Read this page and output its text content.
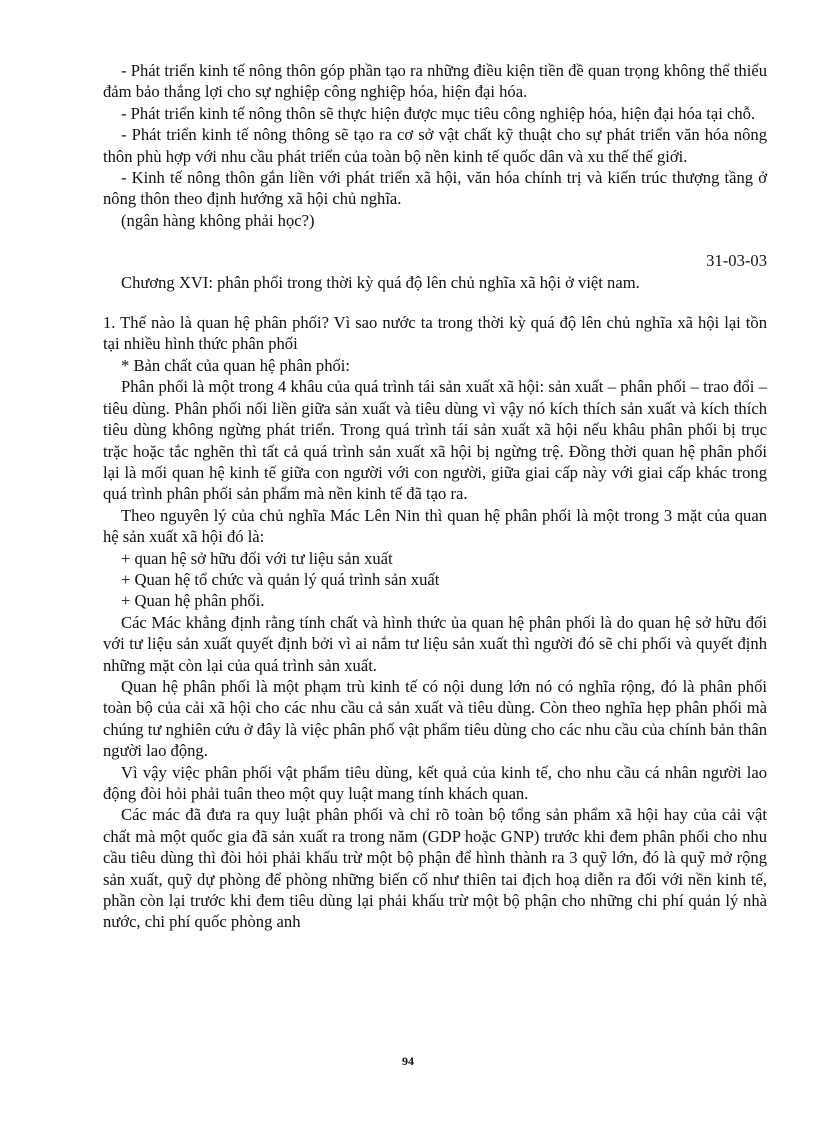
- Phát triển kinh tế nông thôn góp phần tạo ra những điều kiện tiền đề quan trọng không thể thiếu đảm bảo thắng lợi cho sự nghiệp công nghiệp hóa, hiện đại hóa.

- Phát triển kinh tế nông thôn sẽ thực hiện được mục tiêu công nghiệp hóa, hiện đại hóa tại chỗ.

- Phát triển kinh tế nông thông sẽ tạo ra cơ sở vật chất kỹ thuật cho sự phát triển văn hóa nông thôn phù hợp với nhu cầu phát triển của toàn bộ nền kinh tế quốc dân và xu thế thế giới.

- Kinh tế nông thôn gắn liền với phát triển xã hội, văn hóa chính trị và kiến trúc thượng tầng ở nông thôn theo định hướng xã hội chủ nghĩa.

(ngân hàng không phải học?)

31-03-03

Chương XVI: phân phối trong thời kỳ quá độ lên chủ nghĩa xã hội ở việt nam.

1. Thế nào là quan hệ phân phối? Vì sao nước ta trong thời kỳ quá độ lên chủ nghĩa xã hội lại tồn tại nhiều hình thức phân phối

* Bản chất của quan hệ phân phối:

Phân phối là một trong 4 khâu của quá trình tái sản xuất xã hội: sản xuất – phân phối – trao đổi – tiêu dùng. Phân phối nối liền giữa sản xuất và tiêu dùng vì vậy nó kích thích sản xuất và kích thích tiêu dùng không ngừng phát triển. Trong quá trình tái sản xuất xã hội nếu khâu phân phối bị trục trặc hoặc tắc nghẽn thì tất cả quá trình sản xuất xã hội bị ngừng trệ. Đồng thời quan hệ phân phối lại là mối quan hệ kinh tế giữa con người với con người, giữa giai cấp này với giai cấp khác trong quá trình phân phối sản phẩm mà nền kinh tế đã tạo ra.

Theo nguyên lý của chủ nghĩa Mác Lên Nin thì quan hệ phân phối là một trong 3 mặt của quan hệ sản xuất xã hội đó là:

+ quan hệ sở hữu đối với tư liệu sản xuất

+ Quan hệ tổ chức và quản lý quá trình sản xuất

+ Quan hệ phân phối.

Các Mác khẳng định rằng tính chất và hình thức ủa quan hệ phân phối là do quan hệ sở hữu đối với tư liệu sản xuất quyết định bởi vì ai nắm tư liệu sản xuất thì người đó sẽ chi phối và quyết định những mặt còn lại của quá trình sản xuất.

Quan hệ phân phối là một phạm trù kinh tế có nội dung lớn nó có nghĩa rộng, đó là phân phối toàn bộ của cải xã hội cho các nhu cầu cả sản xuất và tiêu dùng. Còn theo nghĩa hẹp phân phối mà chúng tư nghiên cứu ở đây là việc phân phố vật phẩm tiêu dùng cho các nhu cầu của chính bản thân người lao động.

Vì vậy việc phân phối vật phẩm tiêu dùng, kết quả của kinh tế, cho nhu cầu cá nhân người lao động đòi hỏi phải tuân theo một quy luật mang tính khách quan.

Các mác đã đưa ra quy luật phân phối và chỉ rõ toàn bộ tổng sản phẩm xã hội hay của cải vật chất mà một quốc gia đã sản xuất ra trong năm (GDP hoặc GNP) trước khi đem phân phối cho nhu cầu tiêu dùng thì đòi hỏi phải khấu trừ một bộ phận để hình thành ra 3 quỹ lớn, đó là quỹ mở rộng sản xuất, quỹ dự phòng để phòng những biến cố như thiên tai địch hoạ diễn ra đối với nền kinh tế, phần còn lại trước khi đem tiêu dùng lại phải khấu trừ một bộ phận cho những chi phí quản lý nhà nước, chi phí quốc phòng anh

94
